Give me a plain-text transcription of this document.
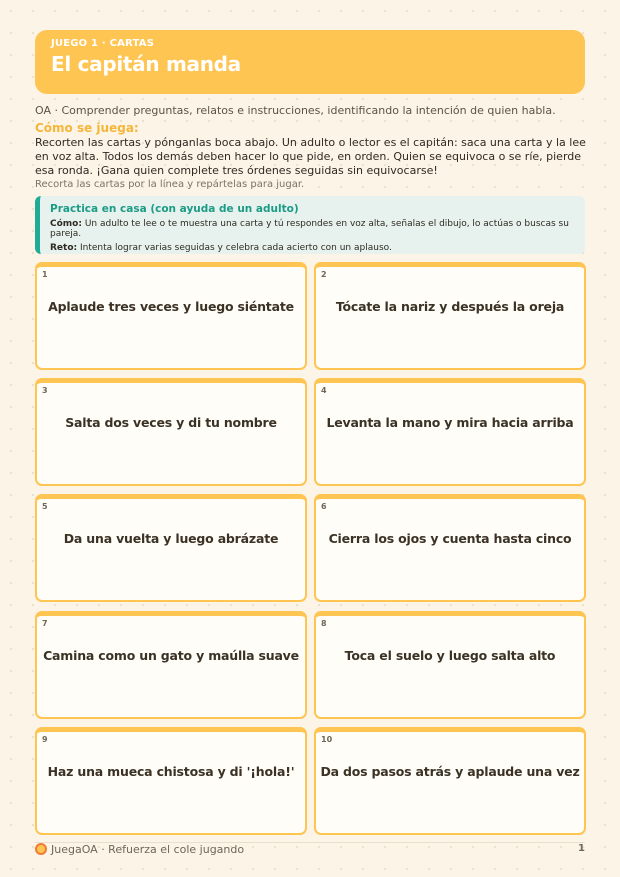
JUEGO 1 · CARTAS
El capitán manda
OA · Comprender preguntas, relatos e instrucciones, identificando la intención de quien habla.
Cómo se juega:
Recorten las cartas y pónganlas boca abajo. Un adulto o lector es el capitán: saca una carta y la lee en voz alta. Todos los demás deben hacer lo que pide, en orden. Quien se equivoca o se ríe, pierde esa ronda. ¡Gana quien complete tres órdenes seguidas sin equivocarse!
Recorta las cartas por la línea y repártelas para jugar.
Practica en casa (con ayuda de un adulto)
Cómo: Un adulto te lee o te muestra una carta y tú respondes en voz alta, señalas el dibujo, lo actúas o buscas su pareja.
Reto: Intenta lograr varias seguidas y celebra cada acierto con un aplauso.
1
Aplaude tres veces y luego siéntate
2
Tócate la nariz y después la oreja
3
Salta dos veces y di tu nombre
4
Levanta la mano y mira hacia arriba
5
Da una vuelta y luego abrázate
6
Cierra los ojos y cuenta hasta cinco
7
Camina como un gato y maúlla suave
8
Toca el suelo y luego salta alto
9
Haz una mueca chistosa y di '¡hola!'
10
Da dos pasos atrás y aplaude una vez
JuegaOA · Refuerza el cole jugando	1
